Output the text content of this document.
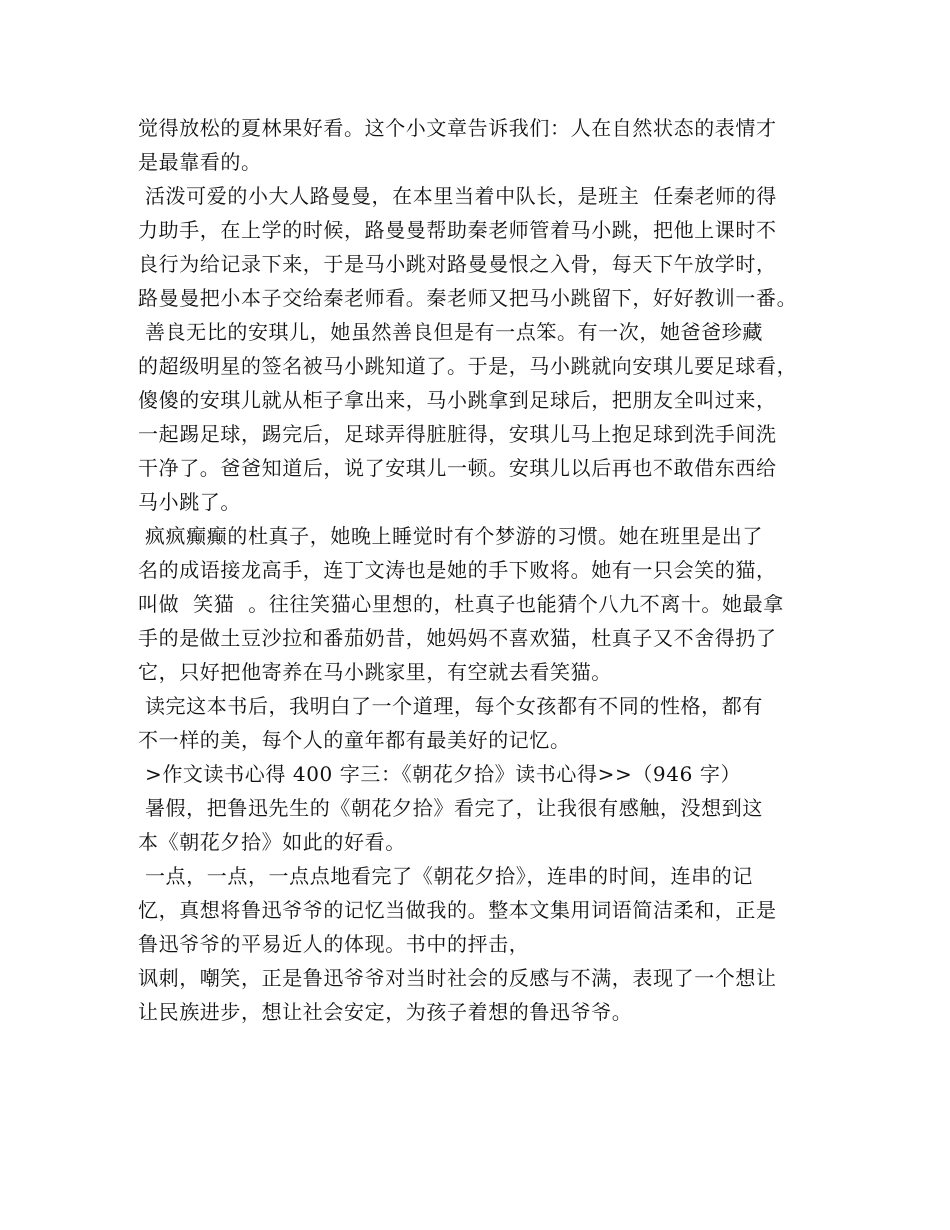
觉得放松的夏林果好看。这个小文章告诉我们：人在自然状态的表情才
是最靠看的。
活泼可爱的小大人路曼曼，在本里当着中队长，是班主  任秦老师的得
力助手，在上学的时候，路曼曼帮助秦老师管着马小跳，把他上课时不
良行为给记录下来，于是马小跳对路曼曼恨之入骨，每天下午放学时，
路曼曼把小本子交给秦老师看。秦老师又把马小跳留下，好好教训一番。
善良无比的安琪儿，她虽然善良但是有一点笨。有一次，她爸爸珍藏
的超级明星的签名被马小跳知道了。于是，马小跳就向安琪儿要足球看，
傻傻的安琪儿就从柜子拿出来，马小跳拿到足球后，把朋友全叫过来，
一起踢足球，踢完后，足球弄得脏脏得，安琪儿马上抱足球到洗手间洗
干净了。爸爸知道后，说了安琪儿一顿。安琪儿以后再也不敢借东西给
马小跳了。
疯疯癫癫的杜真子，她晚上睡觉时有个梦游的习惯。她在班里是出了
名的成语接龙高手，连丁文涛也是她的手下败将。她有一只会笑的猫，
叫做  笑猫  。往往笑猫心里想的，杜真子也能猜个八九不离十。她最拿
手的是做土豆沙拉和番茄奶昔，她妈妈不喜欢猫，杜真子又不舍得扔了
它，只好把他寄养在马小跳家里，有空就去看笑猫。
读完这本书后，我明白了一个道理，每个女孩都有不同的性格，都有
不一样的美，每个人的童年都有最美好的记忆。
>作文读书心得 400 字三：《朝花夕拾》读书心得>>（946 字）
暑假，把鲁迅先生的《朝花夕拾》看完了，让我很有感触，没想到这
本《朝花夕拾》如此的好看。
一点，一点，一点点地看完了《朝花夕拾》，连串的时间，连串的记
忆，真想将鲁迅爷爷的记忆当做我的。整本文集用词语简洁柔和，正是
鲁迅爷爷的平易近人的体现。书中的抨击，
讽刺，嘲笑，正是鲁迅爷爷对当时社会的反感与不满，表现了一个想让
让民族进步，想让社会安定，为孩子着想的鲁迅爷爷。
